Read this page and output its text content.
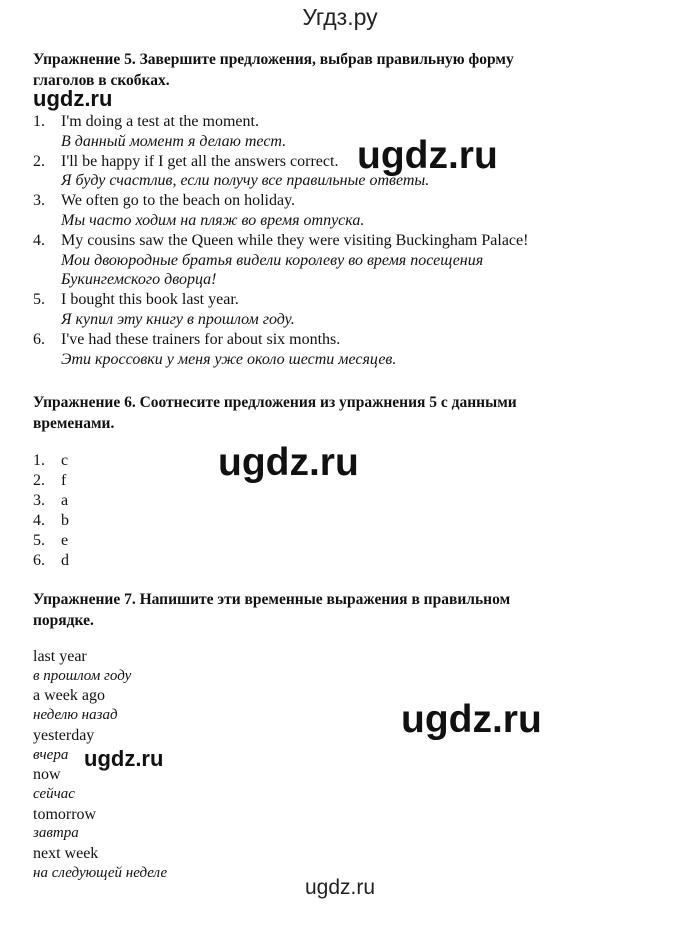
Угдз.ру
ugdz.ru
ugdz.ru
ugdz.ru
ugdz.ru
ugdz.ru
Упражнение 5. Завершите предложения, выбрав правильную форму
глаголов в скобках.
1.	I'm doing a test at the moment.
В данный момент я делаю тест.
2.	I'll be happy if I get all the answers correct.
Я буду счастлив, если получу все правильные ответы.
3.	We often go to the beach on holiday.
Мы часто ходим на пляж во время отпуска.
4.	My cousins saw the Queen while they were visiting Buckingham Palace!
Мои двоюродные братья видели королеву во время посещения
Букингемского дворца!
5.	I bought this book last year.
Я купил эту книгу в прошлом году.
6.	I've had these trainers for about six months.
Эти кроссовки у меня уже около шести месяцев.
Упражнение 6. Соотнесите предложения из упражнения 5 с данными
временами.
1.	c
2.	f
3.	a
4.	b
5.	e
6.	d
Упражнение 7. Напишите эти временные выражения в правильном
порядке.
last year
в прошлом году
a week ago
неделю назад
yesterday
вчера
now
сейчас
tomorrow
завтра
next week
на следующей неделе
ugdz.ru
